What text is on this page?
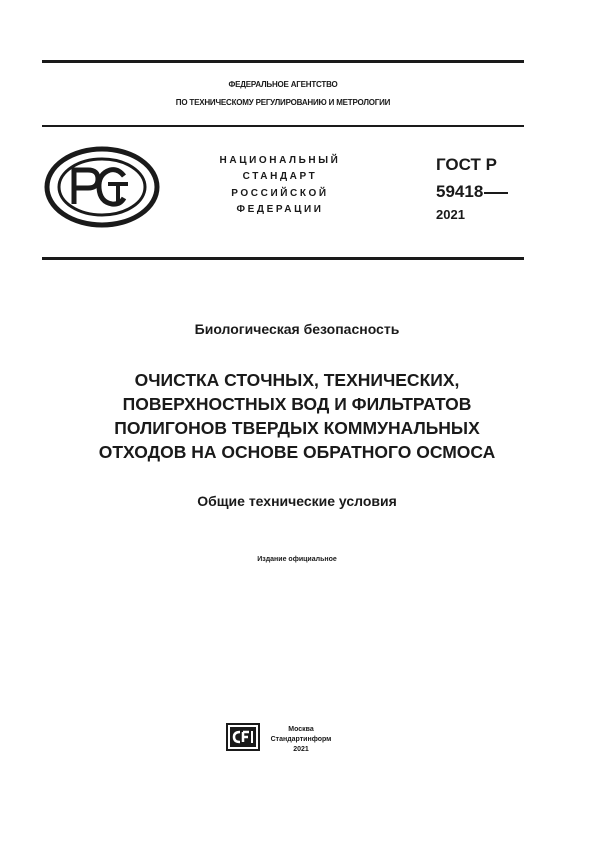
ФЕДЕРАЛЬНОЕ АГЕНТСТВО
ПО ТЕХНИЧЕСКОМУ РЕГУЛИРОВАНИЮ И МЕТРОЛОГИИ
НАЦИОНАЛЬНЫЙ
СТАНДАРТ
РОССИЙСКОЙ
ФЕДЕРАЦИИ
ГОСТ Р
59418
2021
Биологическая безопасность
ОЧИСТКА СТОЧНЫХ, ТЕХНИЧЕСКИХ,
ПОВЕРХНОСТНЫХ ВОД И ФИЛЬТРАТОВ
ПОЛИГОНОВ ТВЕРДЫХ КОММУНАЛЬНЫХ
ОТХОДОВ НА ОСНОВЕ ОБРАТНОГО ОСМОСА
Общие технические условия
Издание официальное
Москва
Стандартинформ
2021
